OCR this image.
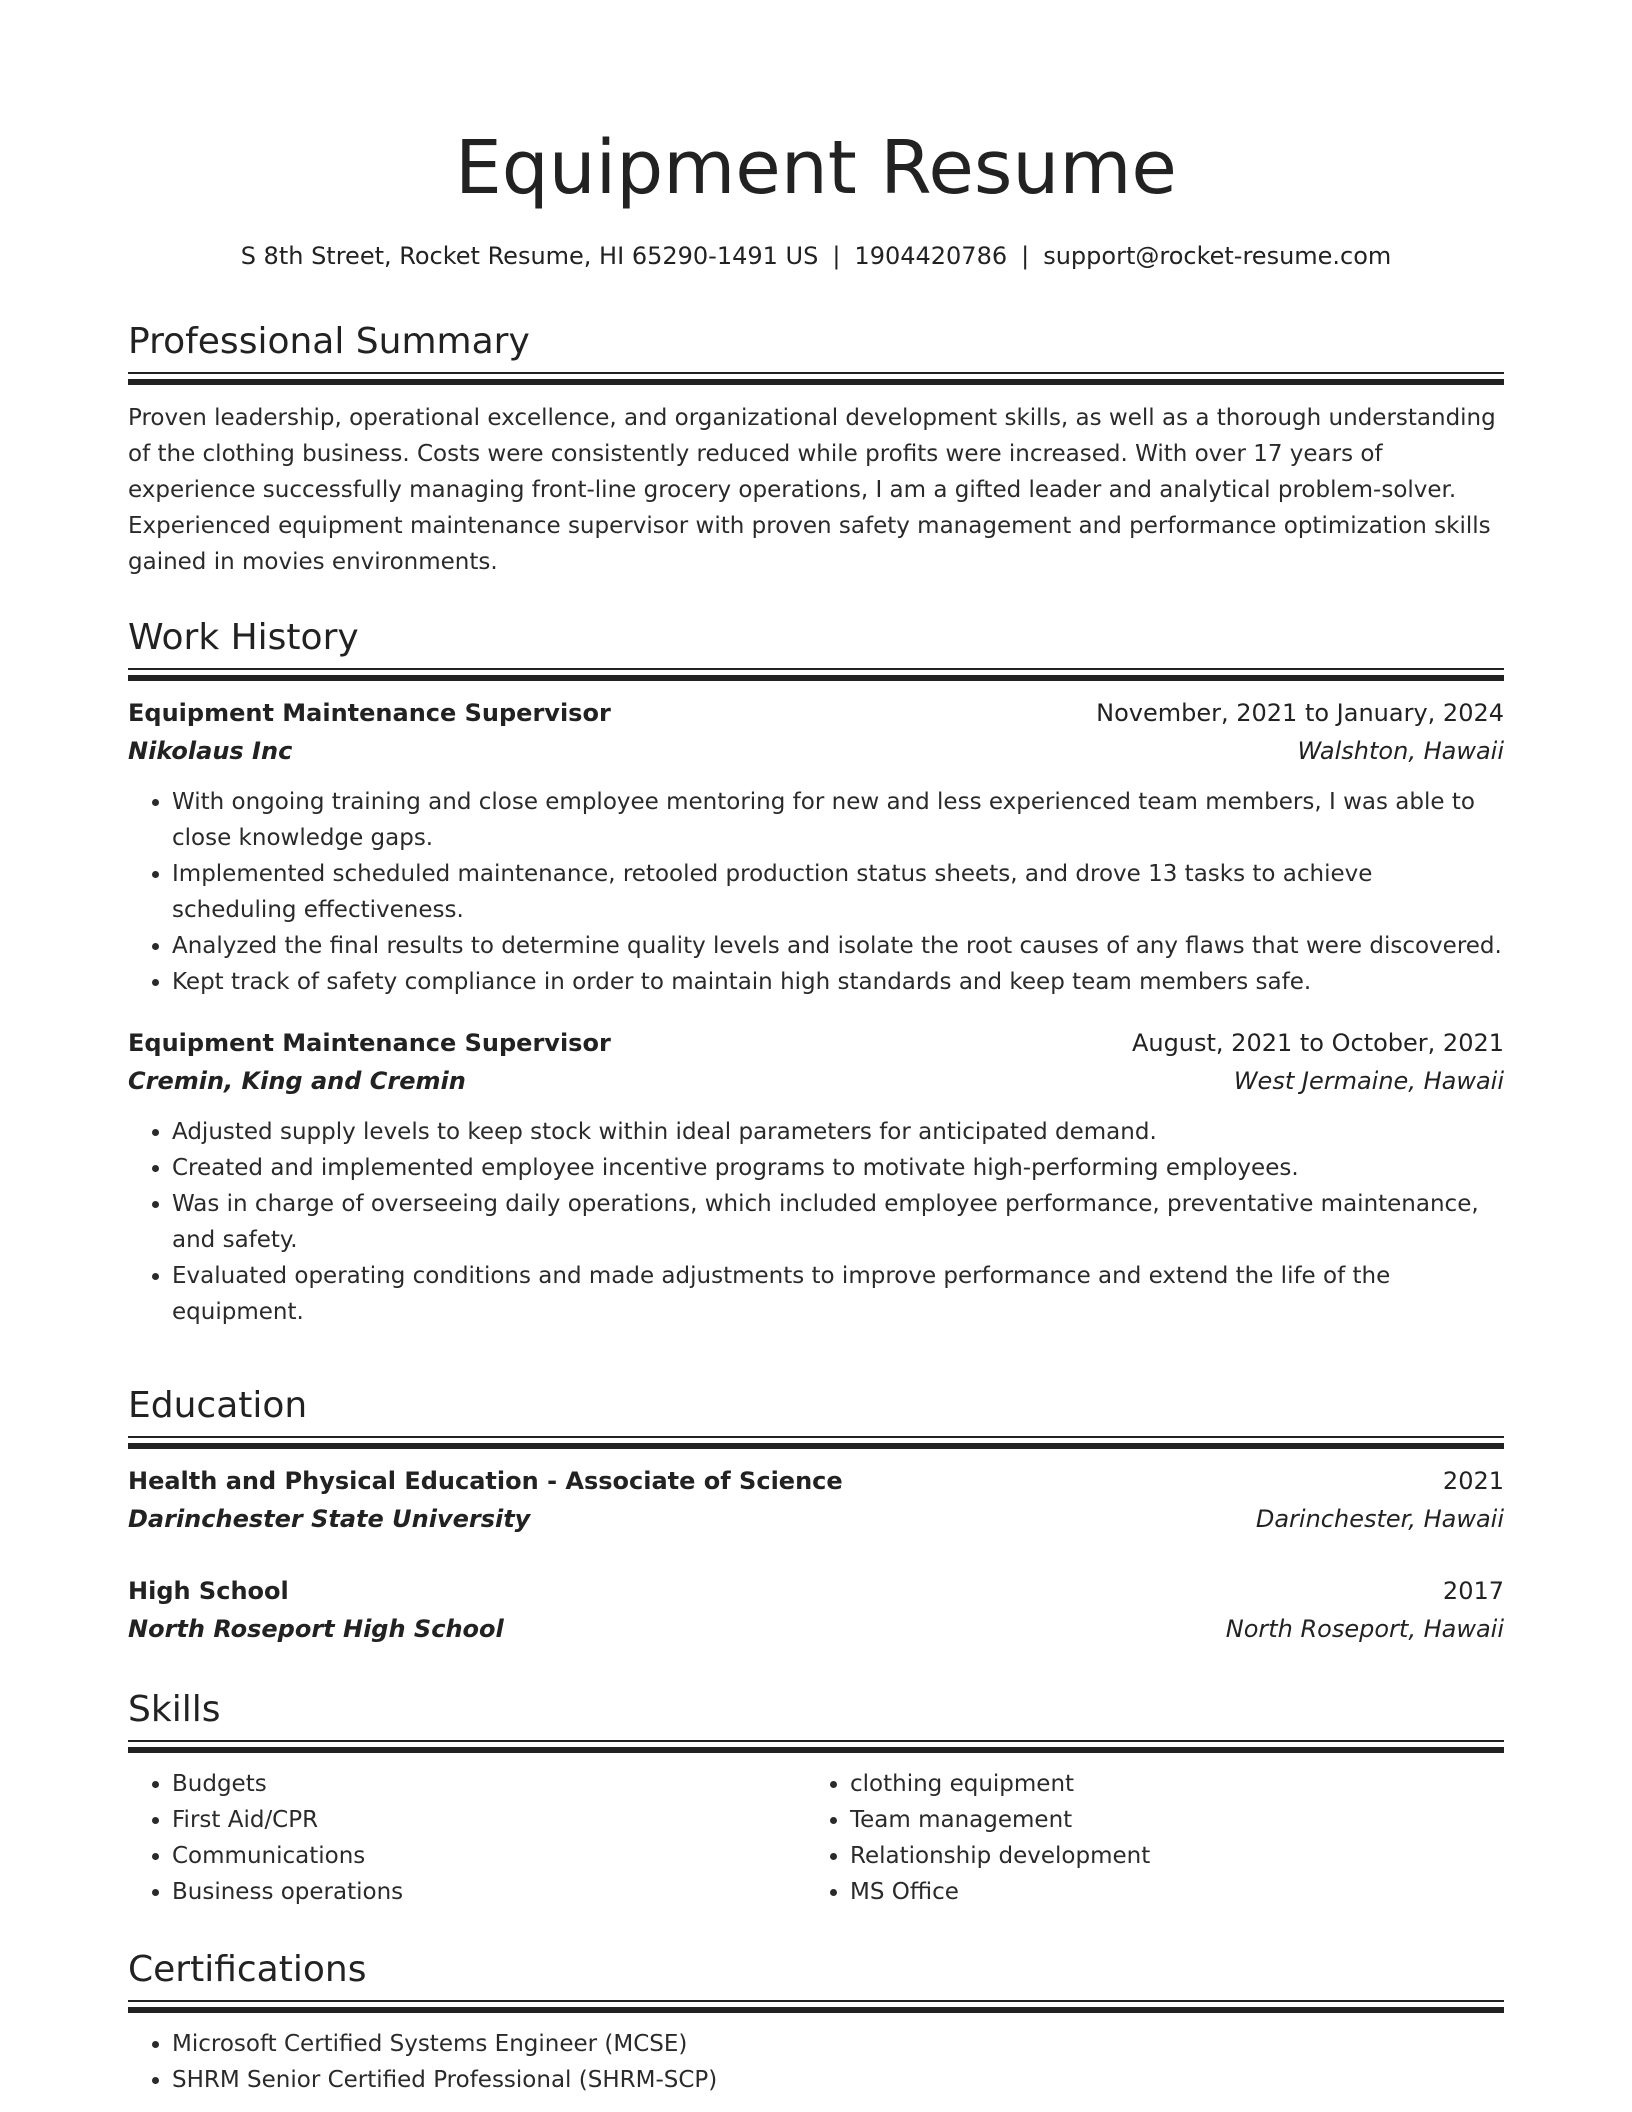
Equipment Resume
S 8th Street, Rocket Resume, HI 65290-1491 US | 1904420786 | support@rocket-resume.com
Professional Summary
Proven leadership, operational excellence, and organizational development skills, as well as a thorough understanding of the clothing business. Costs were consistently reduced while profits were increased. With over 17 years of experience successfully managing front-line grocery operations, I am a gifted leader and analytical problem-solver. Experienced equipment maintenance supervisor with proven safety management and performance optimization skills gained in movies environments.
Work History
Equipment Maintenance Supervisor	November, 2021 to January, 2024
Nikolaus Inc	Walshton, Hawaii
• With ongoing training and close employee mentoring for new and less experienced team members, I was able to close knowledge gaps.
• Implemented scheduled maintenance, retooled production status sheets, and drove 13 tasks to achieve scheduling effectiveness.
• Analyzed the final results to determine quality levels and isolate the root causes of any flaws that were discovered.
• Kept track of safety compliance in order to maintain high standards and keep team members safe.
Equipment Maintenance Supervisor	August, 2021 to October, 2021
Cremin, King and Cremin	West Jermaine, Hawaii
• Adjusted supply levels to keep stock within ideal parameters for anticipated demand.
• Created and implemented employee incentive programs to motivate high-performing employees.
• Was in charge of overseeing daily operations, which included employee performance, preventative maintenance, and safety.
• Evaluated operating conditions and made adjustments to improve performance and extend the life of the equipment.
Education
Health and Physical Education - Associate of Science	2021
Darinchester State University	Darinchester, Hawaii
High School	2017
North Roseport High School	North Roseport, Hawaii
Skills
• Budgets
• First Aid/CPR
• Communications
• Business operations
• clothing equipment
• Team management
• Relationship development
• MS Office
Certifications
• Microsoft Certified Systems Engineer (MCSE)
• SHRM Senior Certified Professional (SHRM-SCP)
